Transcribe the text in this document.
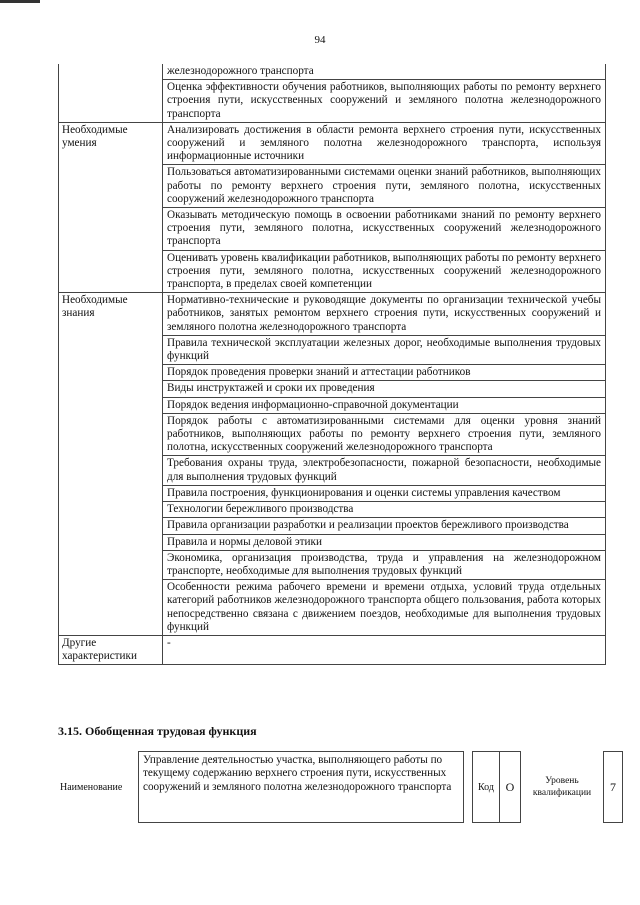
94
	железнодорожного транспорта
	Оценка эффективности обучения работников, выполняющих работы по ремонту верхнего строения пути, искусственных сооружений и земляного полотна железнодорожного транспорта
Необходимые умения	Анализировать достижения в области ремонта верхнего строения пути, искусственных сооружений и земляного полотна железнодорожного транспорта, используя информационные источники
	Пользоваться автоматизированными системами оценки знаний работников, выполняющих работы по ремонту верхнего строения пути, земляного полотна, искусственных сооружений железнодорожного транспорта
	Оказывать методическую помощь в освоении работниками знаний по ремонту верхнего строения пути, земляного полотна, искусственных сооружений железнодорожного транспорта
	Оценивать уровень квалификации работников, выполняющих работы по ремонту верхнего строения пути, земляного полотна, искусственных сооружений железнодорожного транспорта, в пределах своей компетенции
Необходимые знания	Нормативно-технические и руководящие документы по организации технической учебы работников, занятых ремонтом верхнего строения пути, искусственных сооружений и земляного полотна железнодорожного транспорта
	Правила технической эксплуатации железных дорог, необходимые выполнения трудовых функций
	Порядок проведения проверки знаний и аттестации работников
	Виды инструктажей и сроки их проведения
	Порядок ведения информационно-справочной документации
	Порядок работы с автоматизированными системами для оценки уровня знаний работников, выполняющих работы по ремонту верхнего строения пути, земляного полотна, искусственных сооружений железнодорожного транспорта
	Требования охраны труда, электробезопасности, пожарной безопасности, необходимые для выполнения трудовых функций
	Правила построения, функционирования и оценки системы управления качеством
	Технологии бережливого производства
	Правила организации разработки и реализации проектов бережливого производства
	Правила и нормы деловой этики
	Экономика, организация производства, труда и управления на железнодорожном транспорте, необходимые для выполнения трудовых функций
	Особенности режима рабочего времени и времени отдыха, условий труда отдельных категорий работников железнодорожного транспорта общего пользования, работа которых непосредственно связана с движением поездов, необходимые для выполнения трудовых функций
Другие характеристики	-
3.15. Обобщенная трудовая функция
Наименование	Управление деятельностью участка, выполняющего работы по текущему содержанию верхнего строения пути, искусственных сооружений и земляного полотна железнодорожного транспорта		Код	O	Уровень квалификации	7
